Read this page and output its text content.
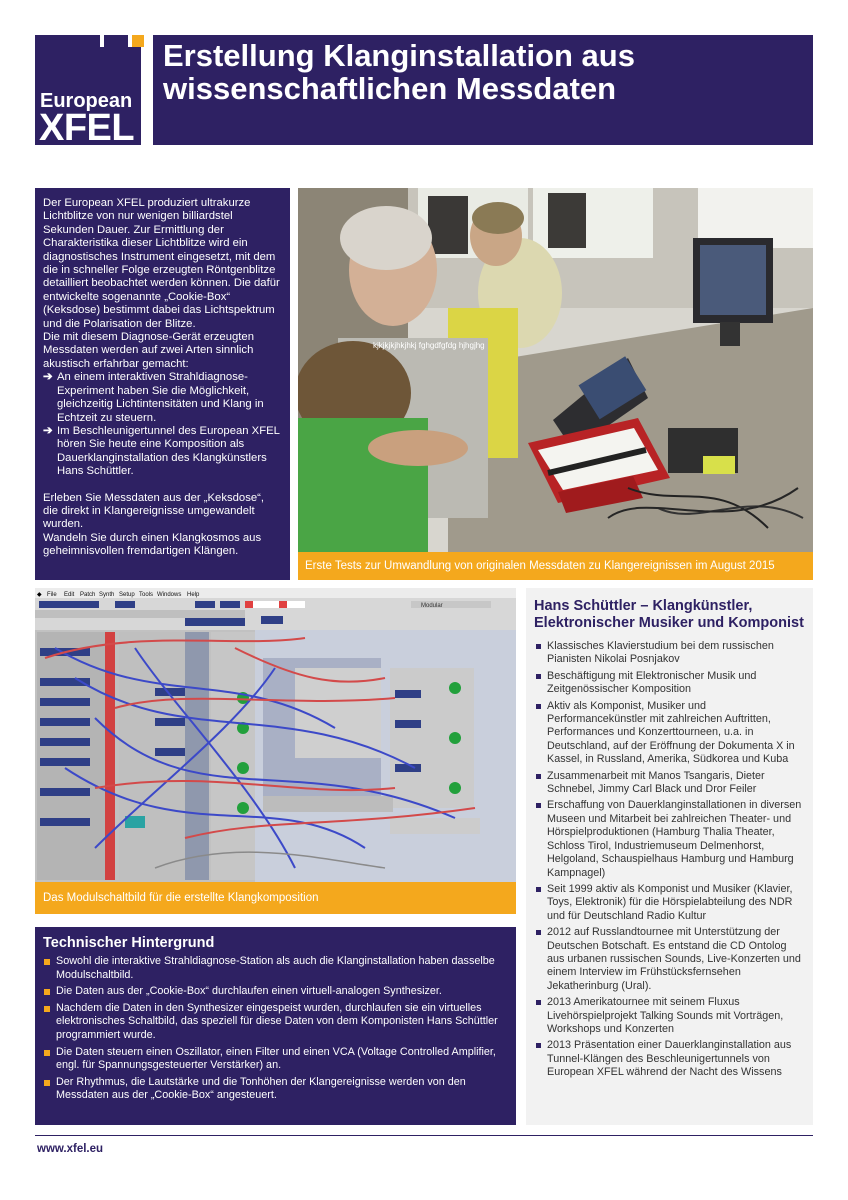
European
XFEL
Erstellung Klanginstallation aus wissenschaftlichen Messdaten

Der European XFEL produziert ultrakurze Lichtblitze von nur wenigen billiardstel Sekunden Dauer. Zur Ermittlung der Charakteristika dieser Lichtblitze wird ein diagnostisches Instrument eingesetzt, mit dem die in schneller Folge erzeugten Röntgenblitze detailliert beobachtet werden können. Die dafür entwickelte sogenannte „Cookie-Box“ (Keksdose) bestimmt dabei das Lichtspektrum und die Polarisation der Blitze.

Die mit diesem Diagnose-Gerät erzeugten Messdaten werden auf zwei Arten sinnlich akustisch erfahrbar gemacht:

➔ An einem interaktiven Strahldiagnose-Experiment haben Sie die Möglichkeit, gleichzeitig Lichtintensitäten und Klang in Echtzeit zu steuern.
➔ Im Beschleunigertunnel des European XFEL hören Sie heute eine Komposition als Dauerklanginstallation des Klangkünstlers Hans Schüttler.

Erleben Sie Messdaten aus der „Keksdose“, die direkt in Klangereignisse umgewandelt wurden.

Wandeln Sie durch einen Klangkosmos aus geheimnisvollen fremdartigen Klängen.

kjkjkjkjhkjhkj fghgdfgfdg hjhgjhg
Erste Tests zur Umwandlung von originalen Messdaten zu Klangereignissen im August 2015
◆ File Edit Patch Synth Setup Tools Windows Help
Modular
Das Modulschaltbild für die erstellte Klangkomposition
Technischer Hintergrund
Sowohl die interaktive Strahldiagnose-Station als auch die Klanginstallation haben dasselbe Modulschaltbild.
Die Daten aus der „Cookie-Box“ durchlaufen einen virtuell-analogen Synthesizer.
Nachdem die Daten in den Synthesizer eingespeist wurden, durchlaufen sie ein virtuelles elektronisches Schaltbild, das speziell für diese Daten von dem Komponisten Hans Schüttler programmiert wurde.
Die Daten steuern einen Oszillator, einen Filter und einen VCA (Voltage Controlled Amplifier, engl. für Spannungsgesteuerter Verstärker) an.
Der Rhythmus, die Lautstärke und die Tonhöhen der Klangereignisse werden von den Messdaten aus der „Cookie-Box“ angesteuert.
Hans Schüttler – Klangkünstler, Elektronischer Musiker und Komponist
Klassisches Klavierstudium bei dem russischen Pianisten Nikolai Posnjakov
Beschäftigung mit Elektronischer Musik und Zeitgenössischer Komposition
Aktiv als Komponist, Musiker und Performancekünstler mit zahlreichen Auftritten, Performances und Konzerttourneen, u.a. in Deutschland, auf der Eröffnung der Dokumenta X in Kassel, in Russland, Amerika, Südkorea und Kuba
Zusammenarbeit mit Manos Tsangaris, Dieter Schnebel, Jimmy Carl Black und Dror Feiler
Erschaffung von Dauerklanginstallationen in diversen Museen und Mitarbeit bei zahlreichen Theater- und Hörspielproduktionen (Hamburg Thalia Theater, Schloss Tirol, Industriemuseum Delmenhorst, Helgoland, Schauspielhaus Hamburg und Hamburg Kampnagel)
Seit 1999 aktiv als Komponist und Musiker (Klavier, Toys, Elektronik) für die Hörspielabteilung des NDR und für Deutschland Radio Kultur
2012 auf Russlandtournee mit Unterstützung der Deutschen Botschaft. Es entstand die CD Ontolog aus urbanen russischen Sounds, Live-Konzerten und einem Interview im Frühstücksfernsehen Jekatherinburg (Ural).
2013 Amerikatournee mit seinem Fluxus Livehörspielprojekt Talking Sounds mit Vorträgen, Workshops und Konzerten
2013 Präsentation einer Dauerklanginstallation aus Tunnel-Klängen des Beschleunigertunnels von European XFEL während der Nacht des Wissens
www.xfel.eu
